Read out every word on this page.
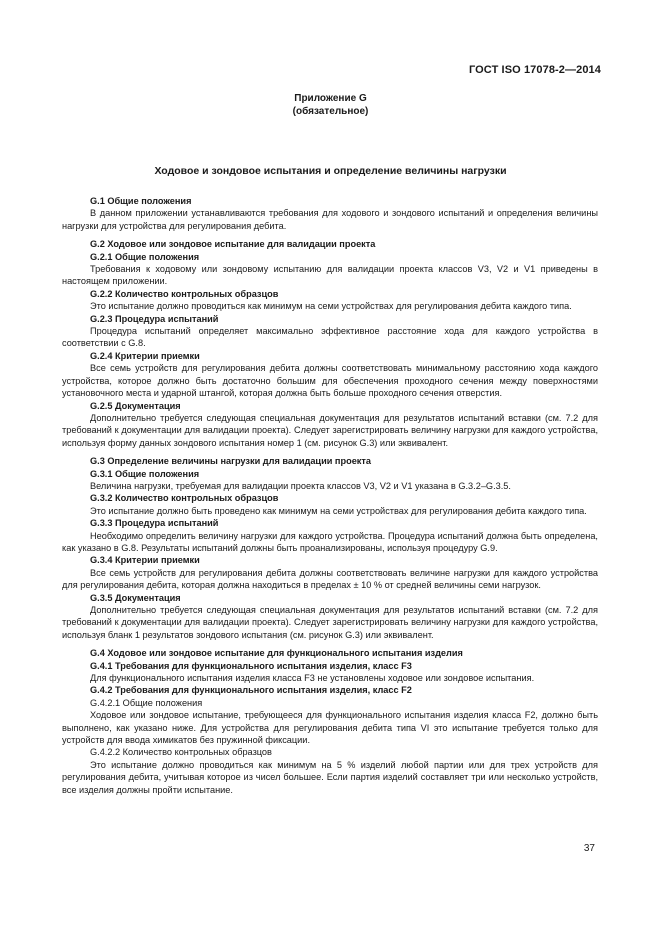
ГОСТ ISO 17078-2—2014
Приложение G
(обязательное)
Ходовое и зондовое испытания и определение величины нагрузки
G.1 Общие положения
В данном приложении устанавливаются требования для ходового и зондового испытаний и определения величины нагрузки для устройства для регулирования дебита.
G.2 Ходовое или зондовое испытание для валидации проекта
G.2.1 Общие положения
Требования к ходовому или зондовому испытанию для валидации проекта классов V3, V2 и V1 приведены в настоящем приложении.
G.2.2 Количество контрольных образцов
Это испытание должно проводиться как минимум на семи устройствах для регулирования дебита каждого типа.
G.2.3 Процедура испытаний
Процедура испытаний определяет максимально эффективное расстояние хода для каждого устройства в соответствии с G.8.
G.2.4 Критерии приемки
Все семь устройств для регулирования дебита должны соответствовать минимальному расстоянию хода каждого устройства, которое должно быть достаточно большим для обеспечения проходного сечения между поверхностями установочного места и ударной штангой, которая должна быть больше проходного сечения отверстия.
G.2.5 Документация
Дополнительно требуется следующая специальная документация для результатов испытаний вставки (см. 7.2 для требований к документации для валидации проекта). Следует зарегистрировать величину нагрузки для каждого устройства, используя форму данных зондового испытания номер 1 (см. рисунок G.3) или эквивалент.
G.3 Определение величины нагрузки для валидации проекта
G.3.1 Общие положения
Величина нагрузки, требуемая для валидации проекта классов V3, V2 и V1 указана в G.3.2–G.3.5.
G.3.2 Количество контрольных образцов
Это испытание должно быть проведено как минимум на семи устройствах для регулирования дебита каждого типа.
G.3.3 Процедура испытаний
Необходимо определить величину нагрузки для каждого устройства. Процедура испытаний должна быть определена, как указано в G.8. Результаты испытаний должны быть проанализированы, используя процедуру G.9.
G.3.4 Критерии приемки
Все семь устройств для регулирования дебита должны соответствовать величине нагрузки для каждого устройства для регулирования дебита, которая должна находиться в пределах ± 10 % от средней величины семи нагрузок.
G.3.5 Документация
Дополнительно требуется следующая специальная документация для результатов испытаний вставки (см. 7.2 для требований к документации для валидации проекта). Следует зарегистрировать величину нагрузки для каждого устройства, используя бланк 1 результатов зондового испытания (см. рисунок G.3) или эквивалент.
G.4 Ходовое или зондовое испытание для функционального испытания изделия
G.4.1 Требования для функционального испытания изделия, класс F3
Для функционального испытания изделия класса F3 не установлены ходовое или зондовое испытания.
G.4.2 Требования для функционального испытания изделия, класс F2
G.4.2.1 Общие положения
Ходовое или зондовое испытание, требующееся для функционального испытания изделия класса F2, должно быть выполнено, как указано ниже. Для устройства для регулирования дебита типа VI это испытание требуется только для устройств для ввода химикатов без пружинной фиксации.
G.4.2.2 Количество контрольных образцов
Это испытание должно проводиться как минимум на 5 % изделий любой партии или для трех устройств для регулирования дебита, учитывая которое из чисел большее. Если партия изделий составляет три или несколько устройств, все изделия должны пройти испытание.
37
